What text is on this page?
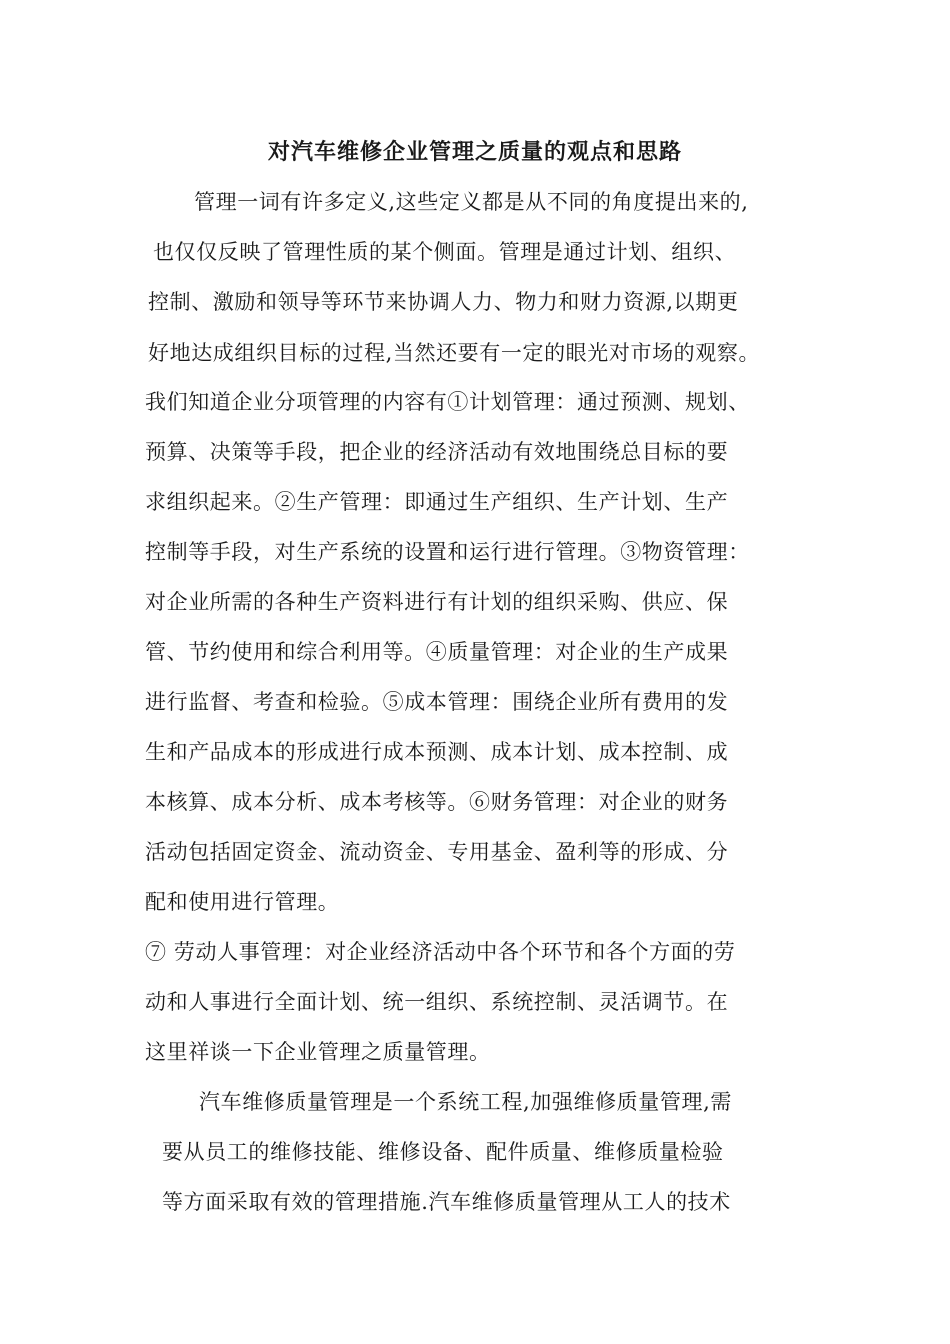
对汽车维修企业管理之质量的观点和思路
管理一词有许多定义,这些定义都是从不同的角度提出来的,
也仅仅反映了管理性质的某个侧面。管理是通过计划、组织、
控制、激励和领导等环节来协调人力、物力和财力资源,以期更
好地达成组织目标的过程,当然还要有一定的眼光对市场的观察。
我们知道企业分项管理的内容有①计划管理：通过预测、规划、
预算、决策等手段，把企业的经济活动有效地围绕总目标的要
求组织起来。②生产管理：即通过生产组织、生产计划、生产
控制等手段，对生产系统的设置和运行进行管理。③物资管理：
对企业所需的各种生产资料进行有计划的组织采购、供应、保
管、节约使用和综合利用等。④质量管理：对企业的生产成果
进行监督、考查和检验。⑤成本管理：围绕企业所有费用的发
生和产品成本的形成进行成本预测、成本计划、成本控制、成
本核算、成本分析、成本考核等。⑥财务管理：对企业的财务
活动包括固定资金、流动资金、专用基金、盈利等的形成、分
配和使用进行管理。
⑦ 劳动人事管理：对企业经济活动中各个环节和各个方面的劳
动和人事进行全面计划、统一组织、系统控制、灵活调节。在
这里祥谈一下企业管理之质量管理。
汽车维修质量管理是一个系统工程,加强维修质量管理,需
要从员工的维修技能、维修设备、配件质量、维修质量检验
等方面采取有效的管理措施.汽车维修质量管理从工人的技术
